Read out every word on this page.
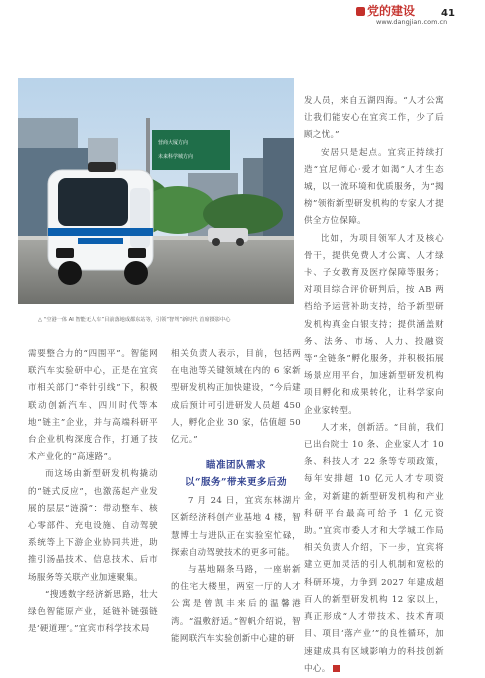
党的建设
www.dangjian.com.cn
41
营商大厦方向
未来科学城方向
△ “空港一体 AI 智能无人车”目前落地成都东站等，引领“智驾”新时代 首席摄影中心

发人员，来自五湖四海。“人才公寓让我们能安心在宜宾工作，少了后顾之忧。”

安居只是起点。宜宾正持续打造“宜尼师心·爱才如渴”人才生态城，以一流环境和优质服务，为“揭榜”领衔新型研发机构的专家人才提供全方位保障。

比如，为项目领军人才及核心骨干，提供免费人才公寓、人才绿卡、子女教育及医疗保障等服务；对项目综合评价研判后，按 AB 两档给予运营补助支持，给予新型研发机构真金白银支持；提供涵盖财务、法务、市场、人力、投融资等“全链条”孵化服务，并积极拓展场景应用平台，加速新型研发机构项目孵化和成果转化，让科学家向企业家转型。

人才来，创新活。“目前，我们已出台院士 10 条、企业家人才 10 条、科技人才 22 条等专项政策，每年安排超 10 亿元人才专项资金，对新建的新型研发机构和产业科研平台最高可给予 1 亿元资助。”宜宾市委人才和大学城工作局相关负责人介绍，下一步，宜宾将建立更加灵活的引人机制和宽松的科研环境，力争到 2027 年建成超百人的新型研发机构 12 家以上，真正形成“人才带技术、技术育项目、项目‘落产业’”的良性循环，加速建成具有区域影响力的科技创新中心。

需要整合力的“四围平”。智能网联汽车实验研中心，正是在宜宾市相关部门“牵针引线”下，积极联动创新汽车、四川时代等本地“链主”企业，并与高端科研平台企业机构深度合作，打通了技术产业化的“高速路”。

而这场由新型研发机构撬动的“链式反应”，也激荡起产业发展的层层“涟漪”：带动整车、核心零部件、充电设施、自动驾驶系统等上下游企业协同共进，助推引汤晶技术、信息技术、后市场服务等关联产业加速聚集。

“搜透数字经济新思路，壮大绿色智能原产业，延链补链强链是‘硬道理’。”宜宾市科学技术局

相关负责人表示，目前，包括两在电池等关键领域在内的 6 家新型研发机构正加快建设，“今后建成后预计可引进研发人员超 450 人，孵化企业 30 家，估值超 50 亿元。”

瞄准团队需求
以“服务”带来更多后劲

7 月 24 日，宜宾东林湖片区新经济科创产业基地 4 楼，智慧博士与进队正在实验室忙碌，探索自动驾驶技术的更多可能。

与基地隔条马路，一座崭新的住宅大楼里，两室一厅的人才公寓是曾凯丰来后的温馨港湾。“温敷舒适。”智帆介绍说，智能网联汽车实验创新中心建的研
